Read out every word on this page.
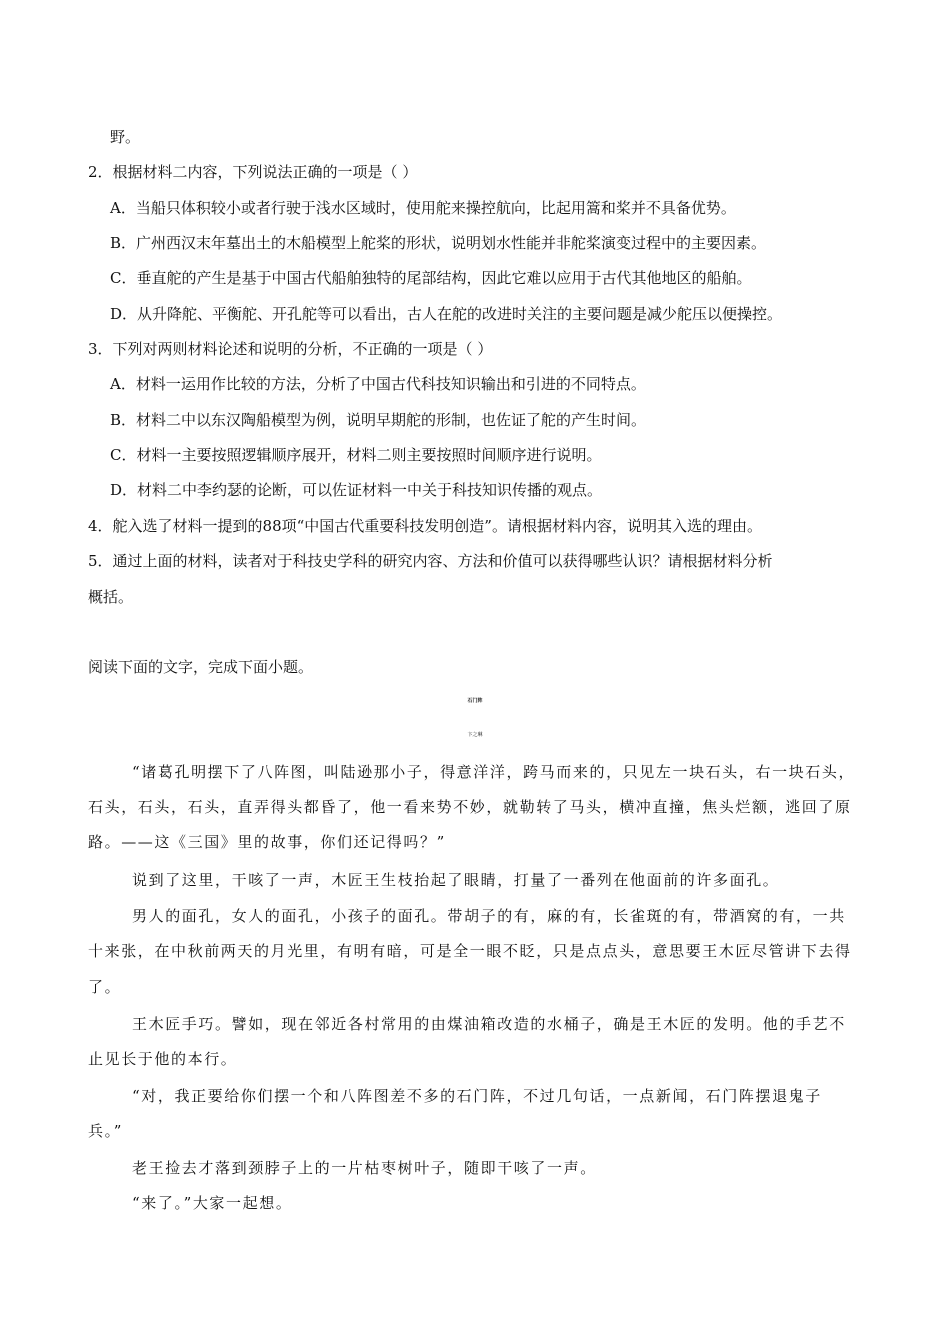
野。
2．根据材料二内容，下列说法正确的一项是（ ）
A．当船只体积较小或者行驶于浅水区域时，使用舵来操控航向，比起用篙和桨并不具备优势。
B．广州西汉末年墓出土的木船模型上舵桨的形状，说明划水性能并非舵桨演变过程中的主要因素。
C．垂直舵的产生是基于中国古代船舶独特的尾部结构，因此它难以应用于古代其他地区的船舶。
D．从升降舵、平衡舵、开孔舵等可以看出，古人在舵的改进时关注的主要问题是减少舵压以便操控。
3．下列对两则材料论述和说明的分析，不正确的一项是（ ）
A．材料一运用作比较的方法，分析了中国古代科技知识输出和引进的不同特点。
B．材料二中以东汉陶船模型为例，说明早期舵的形制，也佐证了舵的产生时间。
C．材料一主要按照逻辑顺序展开，材料二则主要按照时间顺序进行说明。
D．材料二中李约瑟的论断，可以佐证材料一中关于科技知识传播的观点。
4．舵入选了材料一提到的88项“中国古代重要科技发明创造”。请根据材料内容，说明其入选的理由。
5．通过上面的材料，读者对于科技史学科的研究内容、方法和价值可以获得哪些认识？请根据材料分析
概括。
阅读下面的文字，完成下面小题。
石门阵
卞之琳
“诸葛孔明摆下了八阵图，叫陆逊那小子，得意洋洋，跨马而来的，只见左一块石头，右一块石头，
石头，石头，石头，直弄得头都昏了，他一看来势不妙，就勒转了马头，横冲直撞，焦头烂额，逃回了原
路。——这《三国》里的故事，你们还记得吗？”
说到了这里，干咳了一声，木匠王生枝抬起了眼睛，打量了一番列在他面前的许多面孔。
男人的面孔，女人的面孔，小孩子的面孔。带胡子的有，麻的有，长雀斑的有，带酒窝的有，一共
十来张，在中秋前两天的月光里，有明有暗，可是全一眼不眨，只是点点头，意思要王木匠尽管讲下去得
了。
王木匠手巧。譬如，现在邻近各村常用的由煤油箱改造的水桶子，确是王木匠的发明。他的手艺不
止见长于他的本行。
“对，我正要给你们摆一个和八阵图差不多的石门阵，不过几句话，一点新闻，石门阵摆退鬼子
兵。”
老王捡去才落到颈脖子上的一片枯枣树叶子，随即干咳了一声。
“来了。”大家一起想。
